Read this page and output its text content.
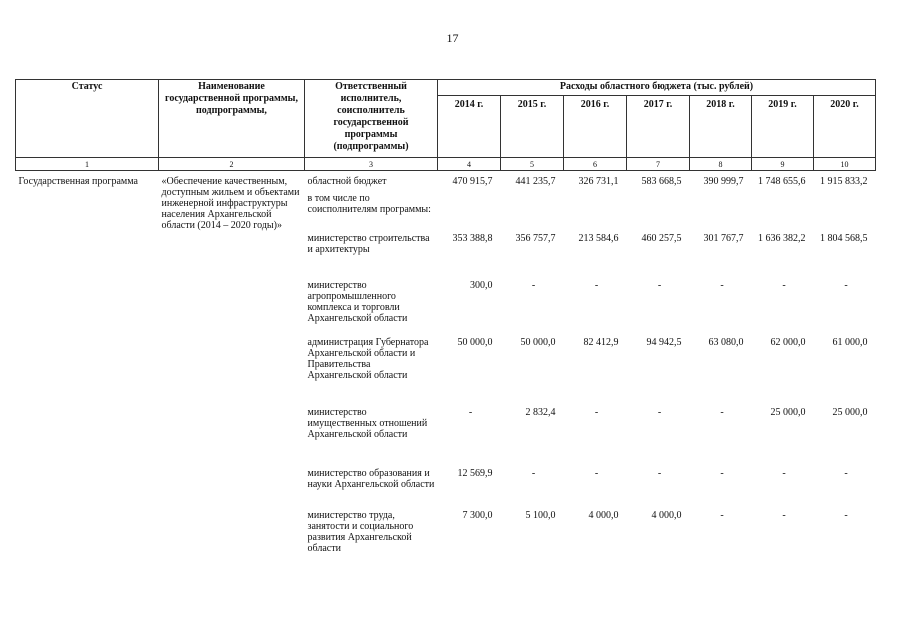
17
Статус	Наименование государственной программы, подпрограммы,	Ответственный исполнитель, соисполнитель государственной программы (подпрограммы)	Расходы областного бюджета (тыс. рублей)						
			2014 г.	2015 г.	2016 г.	2017 г.	2018 г.	2019 г.	2020 г.
1	2	3	4	5	6	7	8	9	10
Государственная программа	«Обеспечение качественным, доступным жильем и объектами инженерной инфраструктуры населения Архангельской области (2014 – 2020 годы)»	областной бюджет	470 915,7	441 235,7	326 731,1	583 668,5	390 999,7	1 748 655,6	1 915 833,2
		в том числе по соисполнителям программы:							
		министерство строительства и архитектуры	353 388,8	356 757,7	213 584,6	460 257,5	301 767,7	1 636 382,2	1 804 568,5
		министерство агропромышленного комплекса и торговли Архангельской области	300,0	-	-	-	-	-	-
		администрация Губернатора Архангельской области и Правительства Архангельской области	50 000,0	50 000,0	82 412,9	94 942,5	63 080,0	62 000,0	61 000,0
		министерство имущественных отношений Архангельской области	-	2 832,4	-	-	-	25 000,0	25 000,0
		министерство образования и науки Архангельской области	12 569,9	-	-	-	-	-	-
		министерство труда, занятости и социального развития Архангельской области	7 300,0	5 100,0	4 000,0	4 000,0	-	-	-
